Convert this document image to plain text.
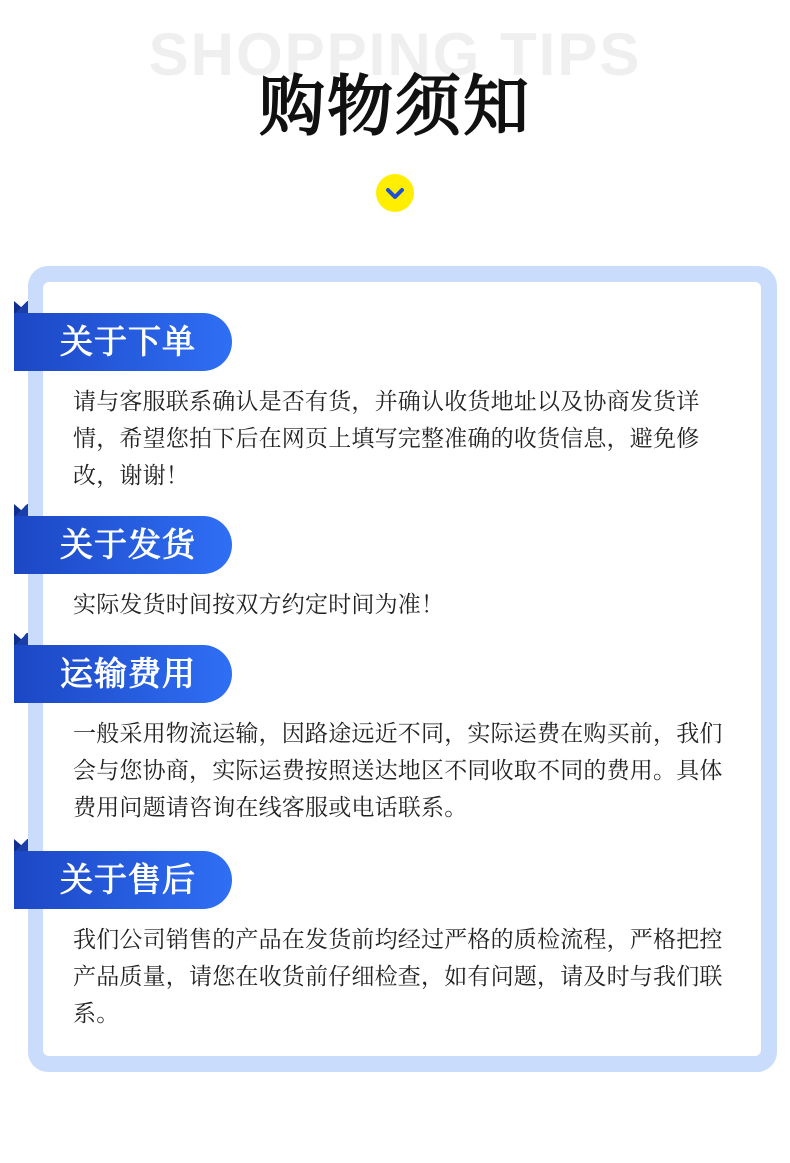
SHOPPING TIPS
购物须知
关于下单
请与客服联系确认是否有货，并确认收货地址以及协商发货详情，希望您拍下后在网页上填写完整准确的收货信息，避免修改，谢谢！
关于发货
实际发货时间按双方约定时间为准！
运输费用
一般采用物流运输，因路途远近不同，实际运费在购买前，我们会与您协商，实际运费按照送达地区不同收取不同的费用。具体费用问题请咨询在线客服或电话联系。
关于售后
我们公司销售的产品在发货前均经过严格的质检流程，严格把控产品质量，请您在收货前仔细检查，如有问题，请及时与我们联系。
